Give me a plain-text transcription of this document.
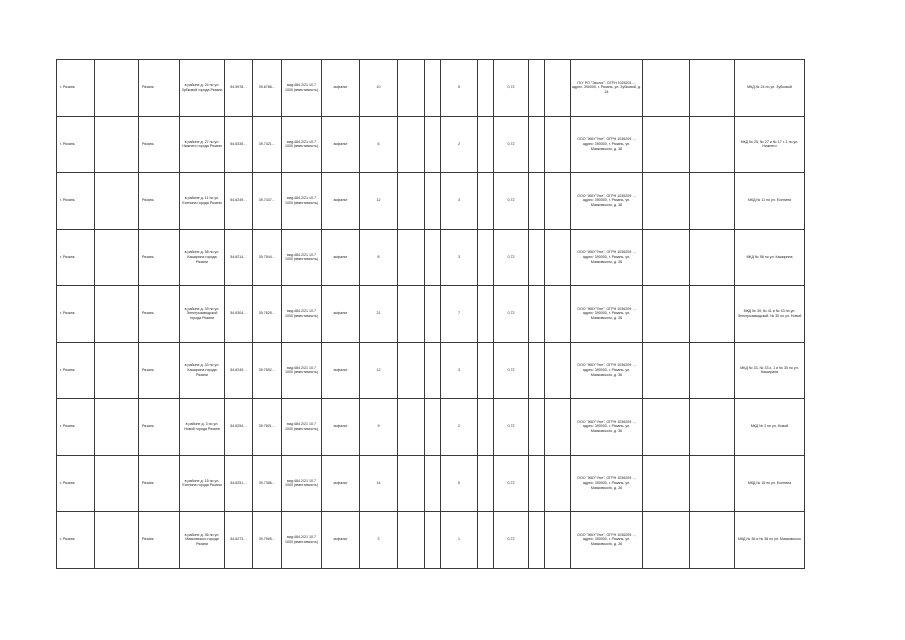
г. Рязань		Рязань	в районе д. 24 по ул. Зубковой города Рязани	54.5978…	39.6786…	вид:484.2/21 10.7 1000 (вместимость)	асфальт	10			5		0,72			ГКУ РО "Эколог", ОГРН 1026201..., адрес: 390000, г. Рязань, ул. Зубковой, д. 24			МКД № 24 по ул. Зубковой
г. Рязань		Рязань	в районе д. 27 по ул. Нижнего города Рязани	54.6335…	39.7421…	вид:484.2/21 10.7 1000 (вместимость)	асфальт	6			2		0,72			ООО "ЖКУ"Уют", ОГРН 1036209…, адрес: 390000, г. Рязань, ул. Маяковского, д. 36			МКД № 25, № 27 и № 17 г. 1 по ул. Нижнего
г. Рязань		Рязань	в районе д. 11 по ул. Есенина города Рязани	54.6249…	39.7437…	вид:484.2/21 10.7 1000 (вместимость)	асфальт	12			3		0,72			ООО "ЖКУ"Уют", ОГРН 1036209…, адрес: 390000, г. Рязань, ул. Маяковского, д. 36			МКД № 11 по ул. Есенина
г. Рязань		Рязань	в районе д. 58 по ул. Каширина города Рязани	54.6214…	39.7544…	вид:484.2/21 10.7 1000 (вместимость)	асфальт	8			3		0,72			ООО "ЖКУ"Уют", ОГРН 1036209…, адрес: 390000, г. Рязань, ул. Маяковского, д. 36			МКД № 58 по ул. Каширина
г. Рязань		Рязань	в районе д. 39 по ул. Электрозаводской города Рязани	54.6304…	39.7625…	вид:484.2/21 10.7 1000 (вместимость)	асфальт	21			7		0,72			ООО "ЖКУ"Уют", ОГРН 1036209…, адрес: 390000, г. Рязань, ул. Маяковского, д. 36			МКД № 39, № 41 и № 43 по ул. Электрозаводской, № 30 по ул. Новой
г. Рязань		Рязань	в районе д. 33 по ул. Каширина города Рязани	54.6249…	39.7552…	вид:484.2/21 10.7 1000 (вместимость)	асфальт	12			3		0,72			ООО "ЖКУ"Уют", ОГРН 1036209…, адрес: 390000, г. Рязань, ул. Маяковского, д. 36			МКД № 33, № 33 к. 1 и № 35 по ул. Каширина
г. Рязань		Рязань	в районе д. 3 по ул. Новой города Рязани	54.6254…	39.7601…	вид:484.2/21 10.7 1000 (вместимость)	асфальт	9			2		0,72			ООО "ЖКУ"Уют", ОГРН 1036209…, адрес: 390000, г. Рязань, ул. Маяковского, д. 36			МКД № 3 по ул. Новой
г. Рязань		Рязань	в районе д. 15 по ул. Есенина города Рязани	54.6251…	39.7386…	вид:484.2/21 10.7 1000 (вместимость)	асфальт	14			5		0,72			ООО "ЖКУ"Уют", ОГРН 1036209…, адрес: 390000, г. Рязань, ул. Маяковского, д. 36			МКД № 15 по ул. Есенина
г. Рязань		Рязань	в районе д. 36 по ул. Маяковского города Рязани	54.6273…	39.7595…	вид:484.2/21 10.7 1000 (вместимость)	асфальт	3			1		0,72			ООО "ЖКУ"Уют", ОГРН 1036209…, адрес: 390000, г. Рязань, ул. Маяковского, д. 36			МКД № 36 и № 38 по ул. Маяковского
